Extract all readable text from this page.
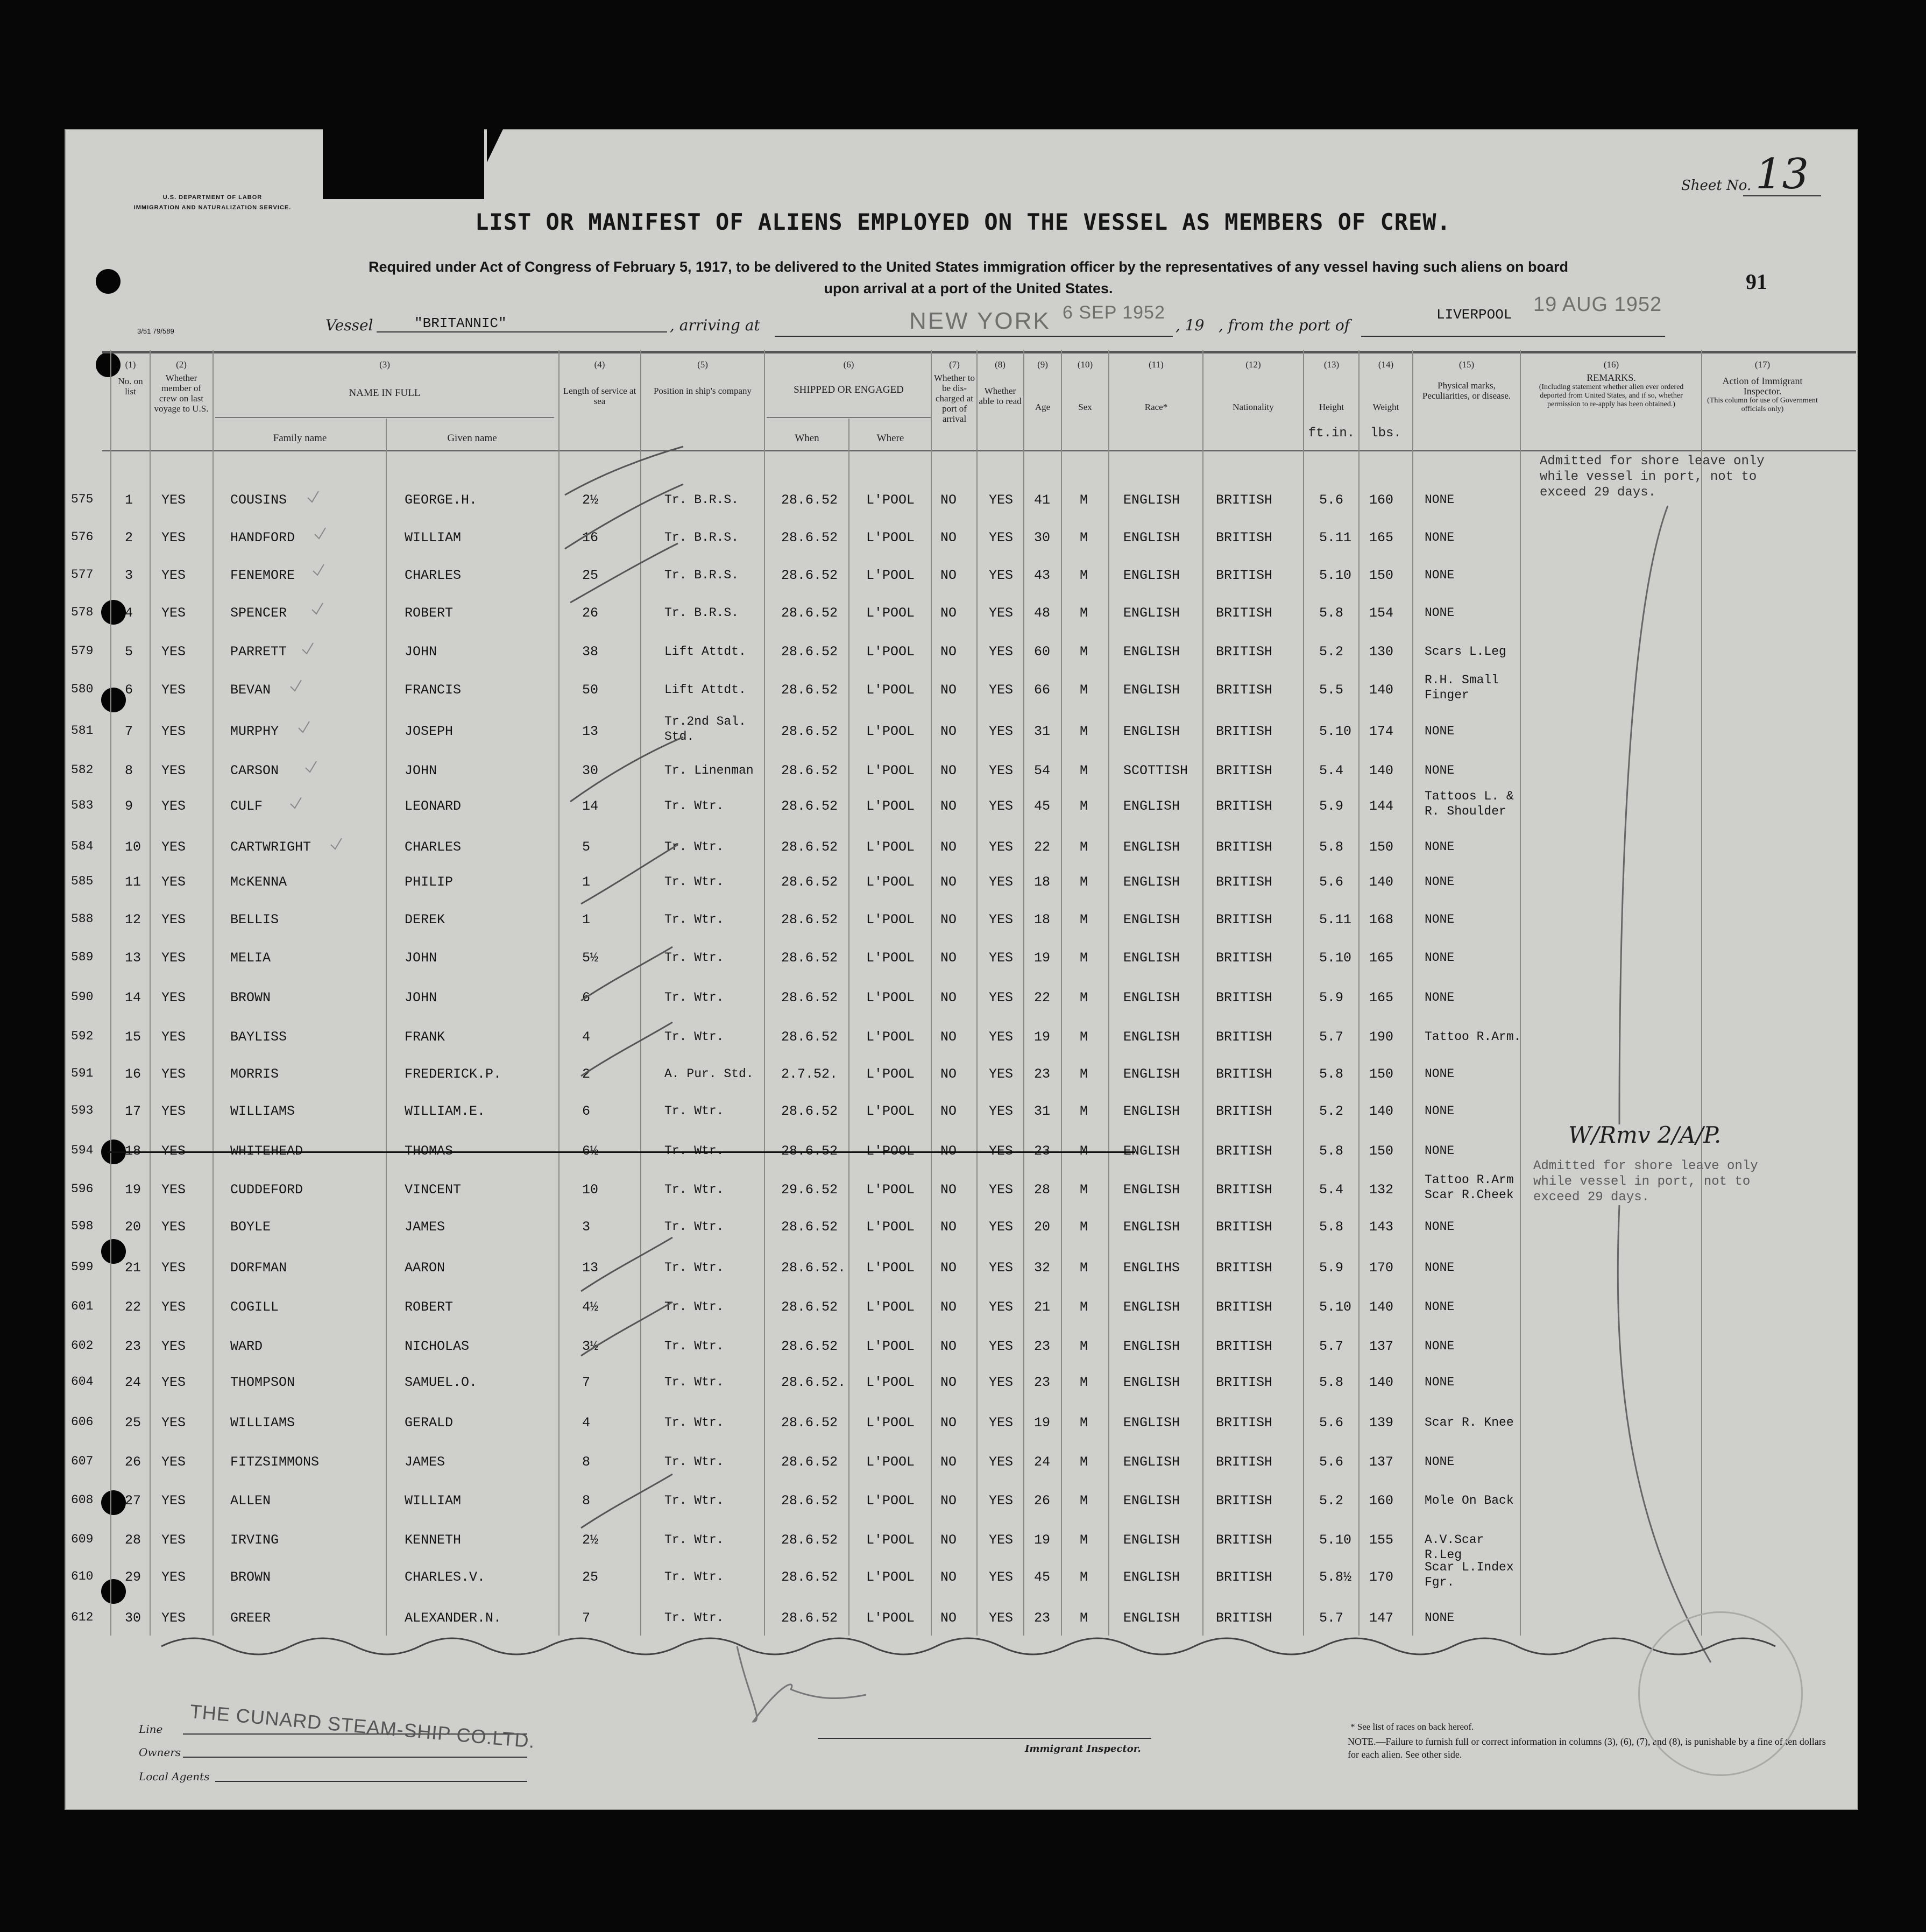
U.S. DEPARTMENT OF LABOR
IMMIGRATION AND NATURALIZATION SERVICE.
3/51 79/589
Sheet No. 13
LIST OR MANIFEST OF ALIENS EMPLOYED ON THE VESSEL AS MEMBERS OF CREW.
Required under Act of Congress of February 5, 1917, to be delivered to the United States immigration officer by the representatives of any vessel having such aliens on board
upon arrival at a port of the United States.	91
Vessel	"BRITANNIC"	, arriving at	NEW YORK 6 SEP 1952
, 19 , from the port of
LIVERPOOL 19 AUG 1952
(1)
No. on list
(2)
Whether member of crew on last voyage to U.S.
(3)
NAME IN FULL
Family name	Given name
(4)
Length of service at sea
(5)
Position in ship's company
(6)
SHIPPED OR ENGAGED
When	Where
(7)
Whether to be dis-charged at port of arrival
(8)
Whether able to read
(9)
Age
(10)
Sex
(11)
Race*
(12)
Nationality
(13)
Height
ft.in.
(14)
Weight
lbs.
(15)
Physical marks, Peculiarities, or disease.
(16)
REMARKS.
(Including statement whether alien ever ordered deported from United States, and if so, whether permission to re-apply has been obtained.)
(17)
Action of Immigrant Inspector.
(This column for use of Government officials only)
575 1 YES	COUSINS	GEORGE.H.	2½	Tr. B.R.S.	28.6.52 L'POOL NO YES 41 M	ENGLISH	BRITISH	5.6 160	NONE
576 2 YES	HANDFORD	WILLIAM	16	Tr. B.R.S.	28.6.52 L'POOL NO YES 30 M	ENGLISH	BRITISH	5.11 165	NONE
577 3 YES	FENEMORE	CHARLES	25	Tr. B.R.S.	28.6.52 L'POOL NO YES 43 M	ENGLISH	BRITISH	5.10 150	NONE
578 4 YES	SPENCER	ROBERT	26	Tr. B.R.S.	28.6.52 L'POOL NO YES 48 M	ENGLISH	BRITISH	5.8 154	NONE
579 5 YES	PARRETT	JOHN	38	Lift Attdt.	28.6.52 L'POOL NO YES 60 M	ENGLISH	BRITISH	5.2 130	Scars L.Leg
580 6 YES	BEVAN	FRANCIS	50	Lift Attdt.	28.6.52 L'POOL NO YES 66 M	ENGLISH	BRITISH	5.5 140
R.H. Small Finger
581 7 YES	MURPHY	JOSEPH	13
Tr.2nd Sal. Std.	28.6.52 L'POOL NO YES 31 M	ENGLISH	BRITISH	5.10 174	NONE
582 8 YES	CARSON	JOHN	30	Tr. Linenman	28.6.52 L'POOL NO YES 54 M	SCOTTISH BRITISH	5.4 140	NONE
583 9 YES	CULF	LEONARD	14	Tr. Wtr.	28.6.52 L'POOL NO YES 45 M	ENGLISH	BRITISH	5.9 144
Tattoos L. & R. Shoulder
584 10 YES	CARTWRIGHT	CHARLES	5	Tr. Wtr.	28.6.52 L'POOL NO YES 22 M	ENGLISH	BRITISH	5.8 150	NONE
585 11 YES	McKENNA	PHILIP	1	Tr. Wtr.	28.6.52 L'POOL NO YES 18 M	ENGLISH	BRITISH	5.6 140	NONE
588 12 YES	BELLIS	DEREK	1	Tr. Wtr.	28.6.52 L'POOL NO YES 18 M	ENGLISH	BRITISH	5.11 168	NONE
589 13 YES	MELIA	JOHN	5½	Tr. Wtr.	28.6.52 L'POOL NO YES 19 M	ENGLISH	BRITISH	5.10 165	NONE
590 14 YES	BROWN	JOHN	6	Tr. Wtr.	28.6.52 L'POOL NO YES 22 M	ENGLISH	BRITISH	5.9 165	NONE
592 15 YES	BAYLISS	FRANK	4	Tr. Wtr.	28.6.52 L'POOL NO YES 19 M	ENGLISH	BRITISH	5.7 190	Tattoo R.Arm.
591 16 YES	MORRIS	FREDERICK.P.	2	A. Pur. Std.	2.7.52. L'POOL NO YES 23 M	ENGLISH	BRITISH	5.8 150	NONE
593 17 YES	WILLIAMS	WILLIAM.E.	6	Tr. Wtr.	28.6.52 L'POOL NO YES 31 M	ENGLISH	BRITISH	5.2 140	NONE
594 18 YES	WHITEHEAD	THOMAS	6½	Tr. Wtr.	28.6.52 L'POOL NO YES 23 M	ENGLISH	BRITISH	5.8 150	NONE
596 19 YES	CUDDEFORD	VINCENT	10	Tr. Wtr.	29.6.52 L'POOL NO YES 28 M	ENGLISH	BRITISH	5.4 132
Tattoo R.Arm Scar R.Cheek
598 20 YES	BOYLE	JAMES	3	Tr. Wtr.	28.6.52 L'POOL NO YES 20 M	ENGLISH	BRITISH	5.8 143	NONE
599 21 YES	DORFMAN	AARON	13	Tr. Wtr.	28.6.52. L'POOL NO YES 32 M	ENGLIHS	BRITISH	5.9 170	NONE
601 22 YES	COGILL	ROBERT	4½	Tr. Wtr.	28.6.52 L'POOL NO YES 21 M	ENGLISH	BRITISH	5.10 140	NONE
602 23 YES	WARD	NICHOLAS	3½	Tr. Wtr.	28.6.52 L'POOL NO YES 23 M	ENGLISH	BRITISH	5.7 137	NONE
604 24 YES	THOMPSON	SAMUEL.O.	7	Tr. Wtr.	28.6.52. L'POOL NO YES 23 M	ENGLISH	BRITISH	5.8 140	NONE
606 25 YES	WILLIAMS	GERALD	4	Tr. Wtr.	28.6.52 L'POOL NO YES 19 M	ENGLISH	BRITISH	5.6 139	Scar R. Knee
607 26 YES	FITZSIMMONS	JAMES	8	Tr. Wtr.	28.6.52 L'POOL NO YES 24 M	ENGLISH	BRITISH	5.6 137	NONE
608 27 YES	ALLEN	WILLIAM	8	Tr. Wtr.	28.6.52 L'POOL NO YES 26 M	ENGLISH	BRITISH	5.2 160	Mole On Back
609 28 YES	IRVING	KENNETH	2½	Tr. Wtr.	28.6.52 L'POOL NO YES 19 M	ENGLISH	BRITISH	5.10 155	A.V.Scar R.Leg
610 29 YES	BROWN	CHARLES.V.	25	Tr. Wtr.	28.6.52 L'POOL NO YES 45 M	ENGLISH	BRITISH	5.8½ 170
Scar L.Index Fgr.
612 30 YES	GREER	ALEXANDER.N.	7	Tr. Wtr.	28.6.52 L'POOL NO YES 23 M	ENGLISH	BRITISH	5.7 147	NONE
Admitted for shore leave only while vessel in port, not to exceed 29 days.
Admitted for shore leave only while vessel in port, not to exceed 29 days.
W/Rmv 2/A/P.
Line
Owners
Local Agents
THE CUNARD STEAM-SHIP CO.LTD.	Immigrant Inspector.
* See list of races on back hereof.
NOTE.—Failure to furnish full or correct information in columns (3), (6), (7), and (8), is punishable by a fine of ten dollars for each alien. See other side.
